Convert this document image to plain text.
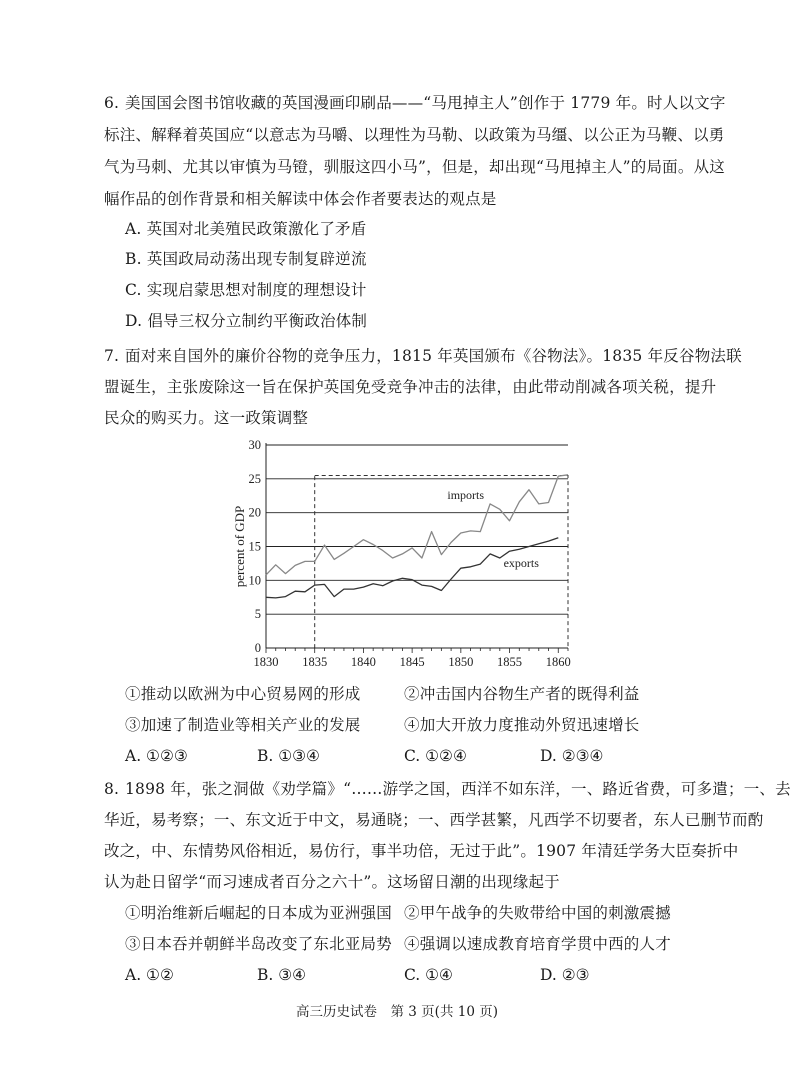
6. 美国国会图书馆收藏的英国漫画印刷品——“马甩掉主人”创作于 1779 年。时人以文字
标注、解释着英国应“以意志为马嚼、以理性为马勒、以政策为马缰、以公正为马鞭、以勇
气为马刺、尤其以审慎为马镫，驯服这四小马”，但是，却出现“马甩掉主人”的局面。从这
幅作品的创作背景和相关解读中体会作者要表达的观点是
A. 英国对北美殖民政策激化了矛盾
B. 英国政局动荡出现专制复辟逆流
C. 实现启蒙思想对制度的理想设计
D. 倡导三权分立制约平衡政治体制
7. 面对来自国外的廉价谷物的竞争压力，1815 年英国颁布《谷物法》。1835 年反谷物法联
盟诞生，主张废除这一旨在保护英国免受竞争冲击的法律，由此带动削减各项关税，提升
民众的购买力。这一政策调整
0
5
10
15
20
25
30
1830 1835 1840 1845 1850 1855 1860
percent of GDP
imports
exports
①推动以欧洲为中心贸易网的形成	②冲击国内谷物生产者的既得利益
③加速了制造业等相关产业的发展	④加大开放力度推动外贸迅速增长
A. ①②③	B. ①③④	C. ①②④	D. ②③④
8. 1898 年，张之洞做《劝学篇》“……游学之国，西洋不如东洋，一、路近省费，可多遣；一、去
华近，易考察；一、东文近于中文，易通晓；一、西学甚繁，凡西学不切要者，东人已删节而酌
改之，中、东情势风俗相近，易仿行，事半功倍，无过于此”。1907 年清廷学务大臣奏折中
认为赴日留学“而习速成者百分之六十”。这场留日潮的出现缘起于
①明治维新后崛起的日本成为亚洲强国 ②甲午战争的失败带给中国的刺激震撼
③日本吞并朝鲜半岛改变了东北亚局势 ④强调以速成教育培育学贯中西的人才
A. ①②	B. ③④	C. ①④	D. ②③
高三历史试卷　第 3 页(共 10 页)
